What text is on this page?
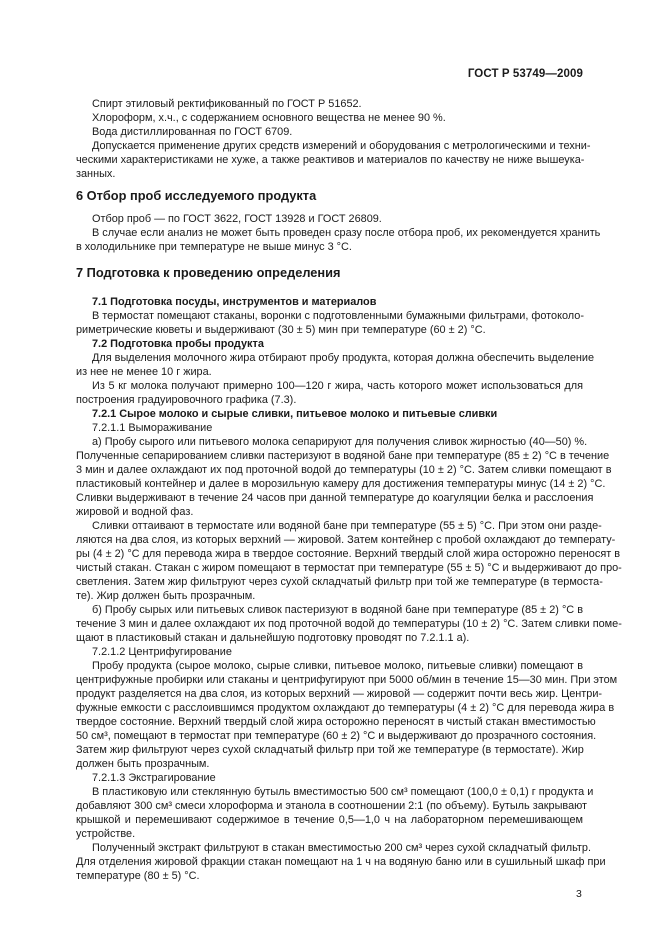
ГОСТ Р 53749—2009
Спирт этиловый ректификованный по ГОСТ Р 51652.
Хлороформ, х.ч., с содержанием основного вещества не менее 90 %.
Вода дистиллированная по ГОСТ 6709.
Допускается применение других средств измерений и оборудования с метрологическими и техни-
ческими характеристиками не хуже, а также реактивов и материалов по качеству не ниже вышеука-
занных.
6 Отбор проб исследуемого продукта
Отбор проб — по ГОСТ 3622, ГОСТ 13928 и ГОСТ 26809.
В случае если анализ не может быть проведен сразу после отбора проб, их рекомендуется хранить
в холодильнике при температуре не выше минус 3 °С.
7 Подготовка к проведению определения
7.1 Подготовка посуды, инструментов и материалов
В термостат помещают стаканы, воронки с подготовленными бумажными фильтрами, фотоколо-
риметрические кюветы и выдерживают (30 ± 5) мин при температуре (60 ± 2) °С.
7.2 Подготовка пробы продукта
Для выделения молочного жира отбирают пробу продукта, которая должна обеспечить выделение
из нее не менее 10 г жира.
Из 5 кг молока получают примерно 100—120 г жира, часть которого может использоваться для
построения градуировочного графика (7.3).
7.2.1 Сырое молоко и сырые сливки, питьевое молоко и питьевые сливки
7.2.1.1 Вымораживание
а) Пробу сырого или питьевого молока сепарируют для получения сливок жирностью (40—50) %.
Полученные сепарированием сливки пастеризуют в водяной бане при температуре (85 ± 2) °С в течение
3 мин и далее охлаждают их под проточной водой до температуры (10 ± 2) °С. Затем сливки помещают в
пластиковый контейнер и далее в морозильную камеру для достижения температуры минус (14 ± 2) °С.
Сливки выдерживают в течение 24 часов при данной температуре до коагуляции белка и расслоения
жировой и водной фаз.
Сливки оттаивают в термостате или водяной бане при температуре (55 ± 5) °С. При этом они разде-
ляются на два слоя, из которых верхний — жировой. Затем контейнер с пробой охлаждают до температу-
ры (4 ± 2) °С для перевода жира в твердое состояние. Верхний твердый слой жира осторожно переносят в
чистый стакан. Стакан с жиром помещают в термостат при температуре (55 ± 5) °С и выдерживают до про-
светления. Затем жир фильтруют через сухой складчатый фильтр при той же температуре (в термоста-
те). Жир должен быть прозрачным.
б) Пробу сырых или питьевых сливок пастеризуют в водяной бане при температуре (85 ± 2) °С в
течение 3 мин и далее охлаждают их под проточной водой до температуры (10 ± 2) °С. Затем сливки поме-
щают в пластиковый стакан и дальнейшую подготовку проводят по 7.2.1.1 а).
7.2.1.2 Центрифугирование
Пробу продукта (сырое молоко, сырые сливки, питьевое молоко, питьевые сливки) помещают в
центрифужные пробирки или стаканы и центрифугируют при 5000 об/мин в течение 15—30 мин. При этом
продукт разделяется на два слоя, из которых верхний — жировой — содержит почти весь жир. Центри-
фужные емкости с расслоившимся продуктом охлаждают до температуры (4 ± 2) °С для перевода жира в
твердое состояние. Верхний твердый слой жира осторожно переносят в чистый стакан вместимостью
50 см³, помещают в термостат при температуре (60 ± 2) °С и выдерживают до прозрачного состояния.
Затем жир фильтруют через сухой складчатый фильтр при той же температуре (в термостате). Жир
должен быть прозрачным.
7.2.1.3 Экстрагирование
В пластиковую или стеклянную бутыль вместимостью 500 см³ помещают (100,0 ± 0,1) г продукта и
добавляют 300 см³ смеси хлороформа и этанола в соотношении 2:1 (по объему). Бутыль закрывают
крышкой и перемешивают содержимое в течение 0,5—1,0 ч на лабораторном перемешивающем
устройстве.
Полученный экстракт фильтруют в стакан вместимостью 200 см³ через сухой складчатый фильтр.
Для отделения жировой фракции стакан помещают на 1 ч на водяную баню или в сушильный шкаф при
температуре (80 ± 5) °С.
3
